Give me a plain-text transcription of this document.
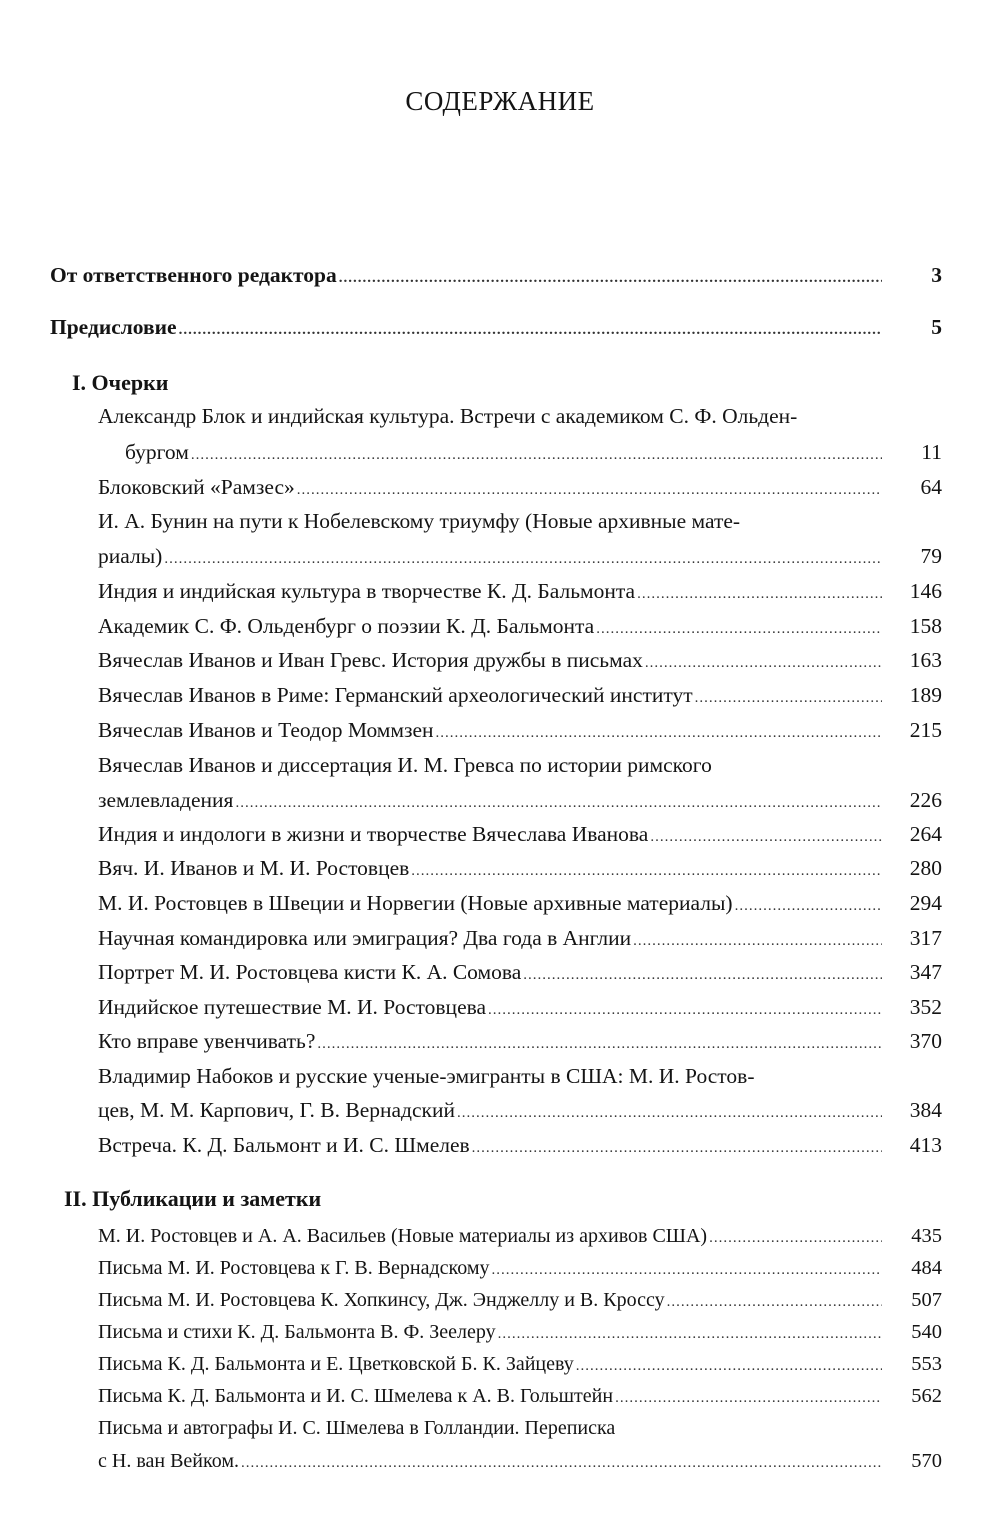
СОДЕРЖАНИЕ
От ответственного редактора .....	3
Предисловие .....	5
I. Очерки
Александр Блок и индийская культура. Встречи с академиком С. Ф. Ольден-
бургом .....	11
Блоковский «Рамзес» .....	64
И. А. Бунин на пути к Нобелевскому триумфу (Новые архивные мате-
риалы) .....	79
Индия и индийская культура в творчестве К. Д. Бальмонта .....	146
Академик С. Ф. Ольденбург о поэзии К. Д. Бальмонта .....	158
Вячеслав Иванов и Иван Гревс. История дружбы в письмах .....	163
Вячеслав Иванов в Риме: Германский археологический институт .....	189
Вячеслав Иванов и Теодор Моммзен .....	215
Вячеслав Иванов и диссертация И. М. Гревса по истории римского
землевладения .....	226
Индия и индологи в жизни и творчестве Вячеслава Иванова .....	264
Вяч. И. Иванов и М. И. Ростовцев .....	280
М. И. Ростовцев в Швеции и Норвегии (Новые архивные материалы) .....	294
Научная командировка или эмиграция? Два года в Англии .....	317
Портрет М. И. Ростовцева кисти К. А. Сомова .....	347
Индийское путешествие М. И. Ростовцева .....	352
Кто вправе увенчивать? .....	370
Владимир Набоков и русские ученые-эмигранты в США: М. И. Ростов-
цев, М. М. Карпович, Г. В. Вернадский .....	384
Встреча. К. Д. Бальмонт и И. С. Шмелев .....	413
II. Публикации и заметки
М. И. Ростовцев и А. А. Васильев (Новые материалы из архивов США) .....	435
Письма М. И. Ростовцева к Г. В. Вернадскому .....	484
Письма М. И. Ростовцева К. Хопкинсу, Дж. Энджеллу и В. Кроссу .....	507
Письма и стихи К. Д. Бальмонта В. Ф. Зеелеру .....	540
Письма К. Д. Бальмонта и Е. Цветковской Б. К. Зайцеву .....	553
Письма К. Д. Бальмонта и И. С. Шмелева к А. В. Гольштейн .....	562
Письма и автографы И. С. Шмелева в Голландии. Переписка
с Н. ван Вейком. .....	570
